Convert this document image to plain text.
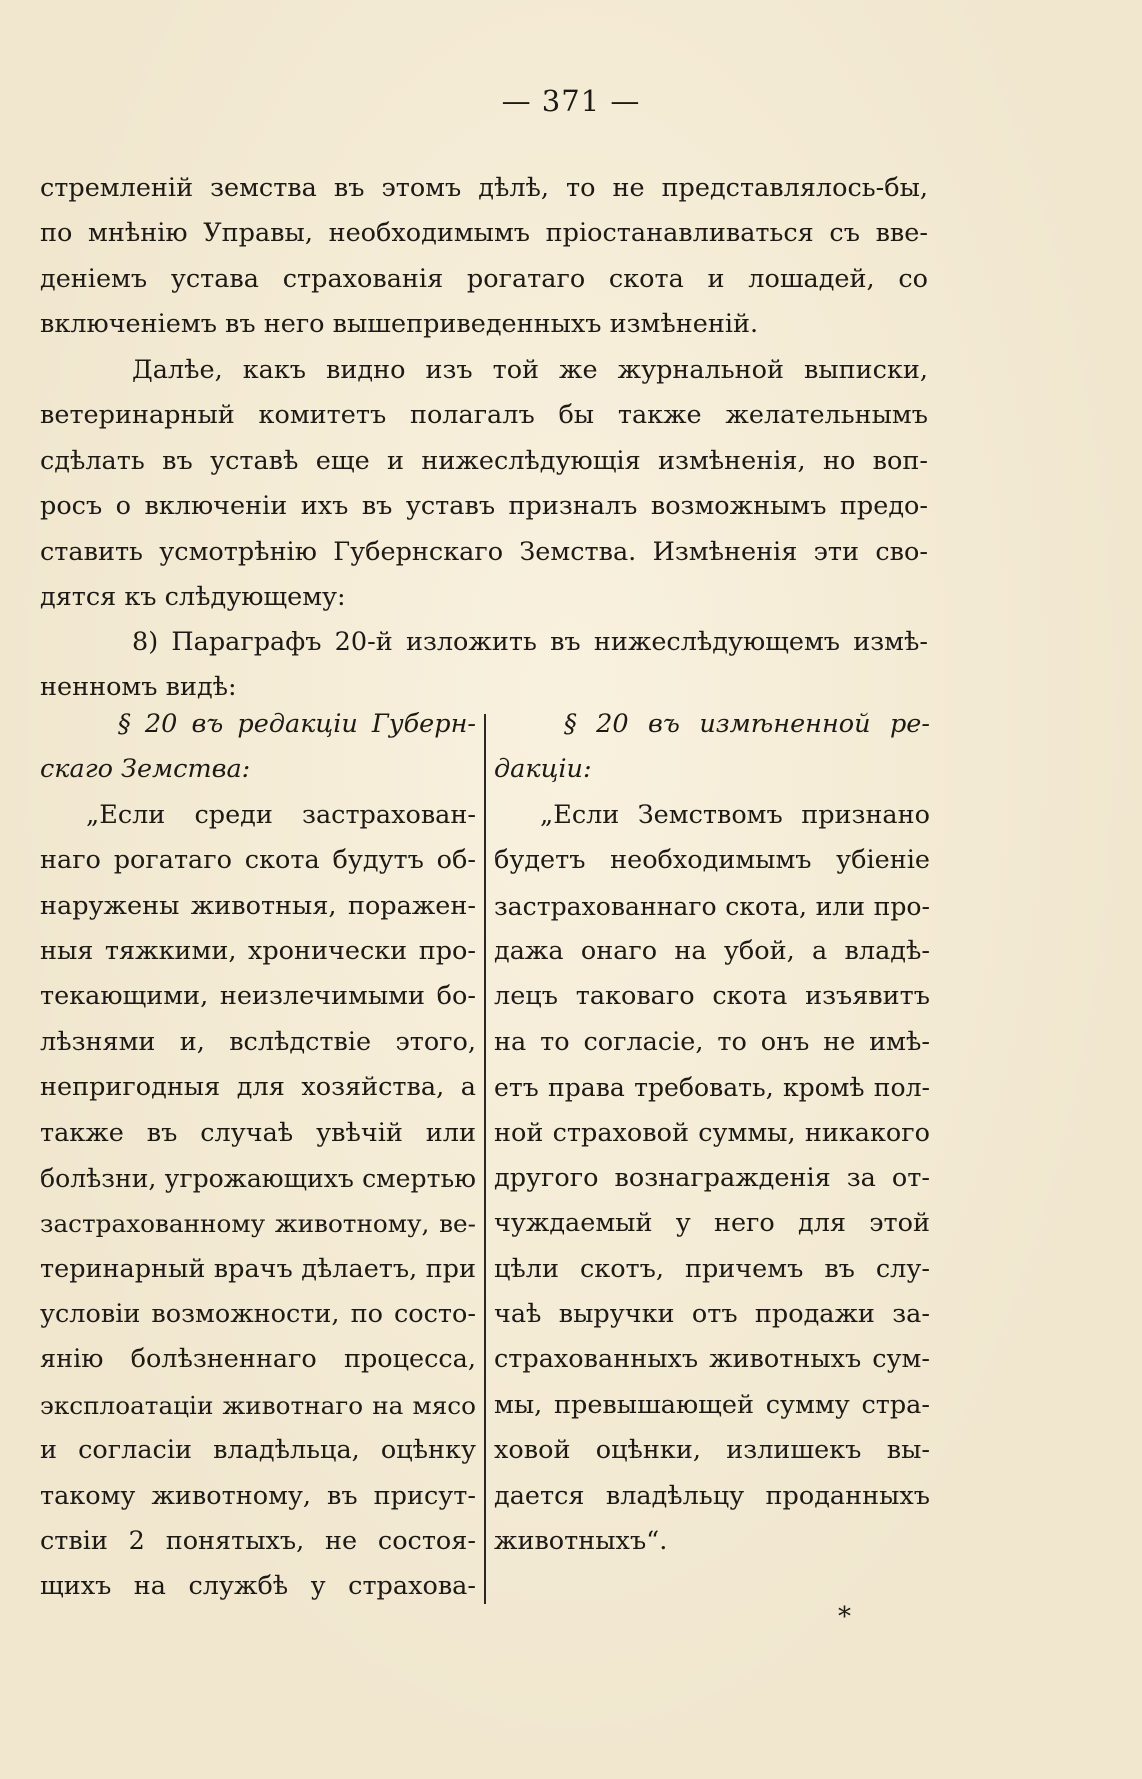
— 371 —
стремленій земства въ этомъ дѣлѣ, то не представлялось-бы,
по мнѣнію Управы, необходимымъ пріостанавливаться съ вве-
деніемъ устава страхованія рогатаго скота и лошадей, со
включеніемъ въ него вышеприведенныхъ измѣненій.
Далѣе, какъ видно изъ той же журнальной выписки,
ветеринарный комитетъ полагалъ бы также желательнымъ
сдѣлать въ уставѣ еще и нижеслѣдующія измѣненія, но воп-
росъ о включеніи ихъ въ уставъ призналъ возможнымъ предо-
ставить усмотрѣнію Губернскаго Земства. Измѣненія эти сво-
дятся къ слѣдующему:
8) Параграфъ 20-й изложить въ нижеслѣдующемъ измѣ-
ненномъ видѣ:
§ 20 въ редакціи Губерн-
скаго Земства:
„Если среди застрахован-
наго рогатаго скота будутъ об-
наружены животныя, поражен-
ныя тяжкими, хронически про-
текающими, неизлечимыми бо-
лѣзнями и, вслѣдствіе этого,
непригодныя для хозяйства, а
также въ случаѣ увѣчій или
болѣзни, угрожающихъ смертью
застрахованному животному, ве-
теринарный врачъ дѣлаетъ, при
условіи возможности, по состо-
янію болѣзненнаго процесса,
эксплоатаціи животнаго на мясо
и согласіи владѣльца, оцѣнку
такому животному, въ присут-
ствіи 2 понятыхъ, не состоя-
щихъ на службѣ у страхова-
§ 20 въ измѣненной ре-
дакціи:
„Если Земствомъ признано
будетъ необходимымъ убіеніе
застрахованнаго скота, или про-
дажа онаго на убой, а владѣ-
лецъ таковаго скота изъявитъ
на то согласіе, то онъ не имѣ-
етъ права требовать, кромѣ пол-
ной страховой суммы, никакого
другого вознагражденія за от-
чуждаемый у него для этой
цѣли скотъ, причемъ въ слу-
чаѣ выручки отъ продажи за-
страхованныхъ животныхъ сум-
мы, превышающей сумму стра-
ховой оцѣнки, излишекъ вы-
дается владѣльцу проданныхъ
животныхъ“.
*
